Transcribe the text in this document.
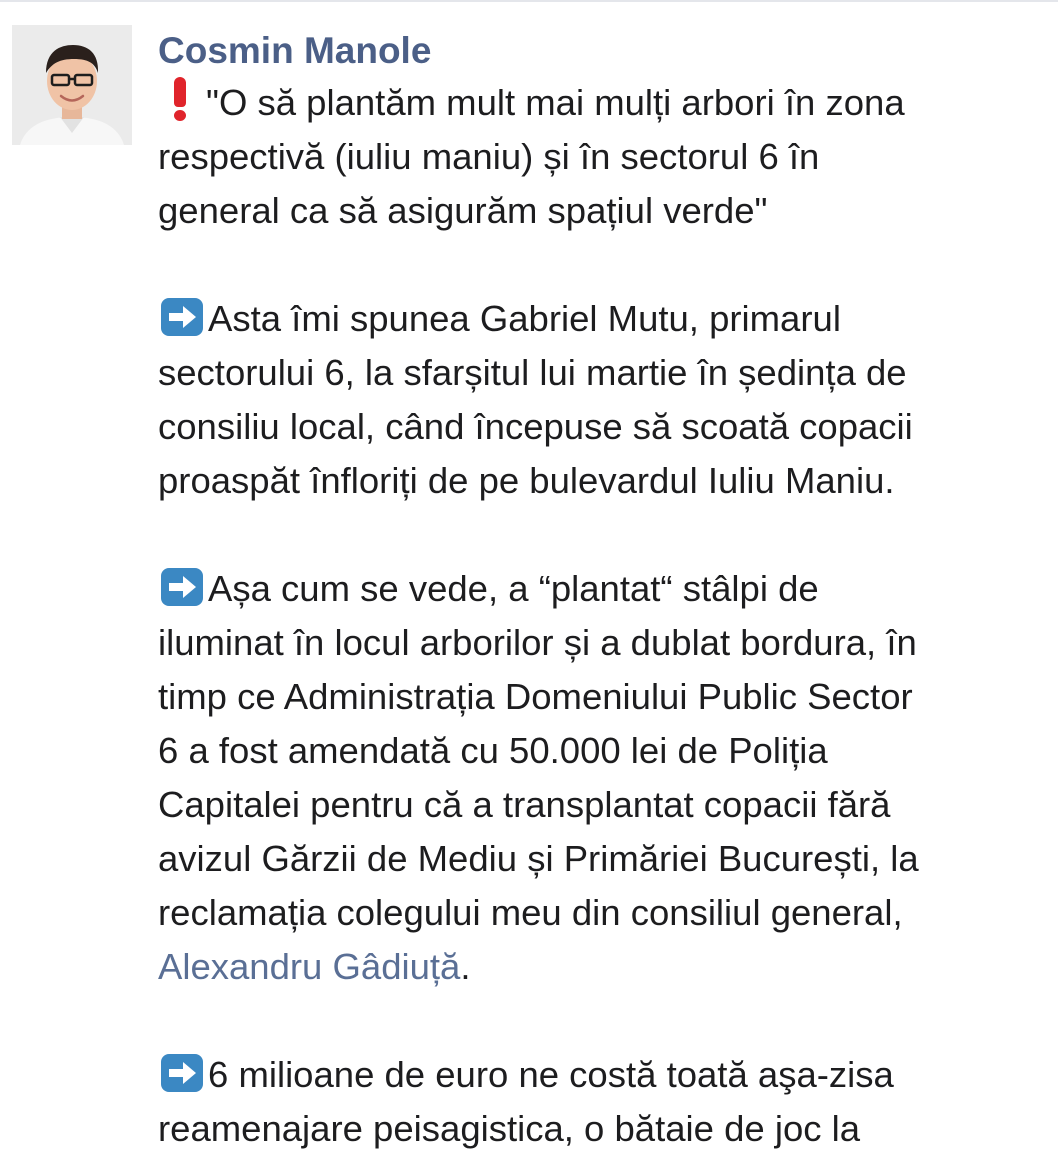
Cosmin Manole
"O să plantăm mult mai mulți arbori în zona
respectivă (iuliu maniu) și în sectorul 6 în
general ca să asigurăm spațiul verde"
Asta îmi spunea Gabriel Mutu, primarul
sectorului 6, la sfarșitul lui martie în ședința de
consiliu local, când începuse să scoată copacii
proaspăt înfloriți de pe bulevardul Iuliu Maniu.
Așa cum se vede, a “plantat“ stâlpi de
iluminat în locul arborilor și a dublat bordura, în
timp ce Administrația Domeniului Public Sector
6 a fost amendată cu 50.000 lei de Poliția
Capitalei pentru că a transplantat copacii fără
avizul Gărzii de Mediu și Primăriei București, la
reclamația colegului meu din consiliul general,
Alexandru Gâdiuță.
6 milioane de euro ne costă toată aşa-zisa
reamenajare peisagistica, o bătaie de joc la
